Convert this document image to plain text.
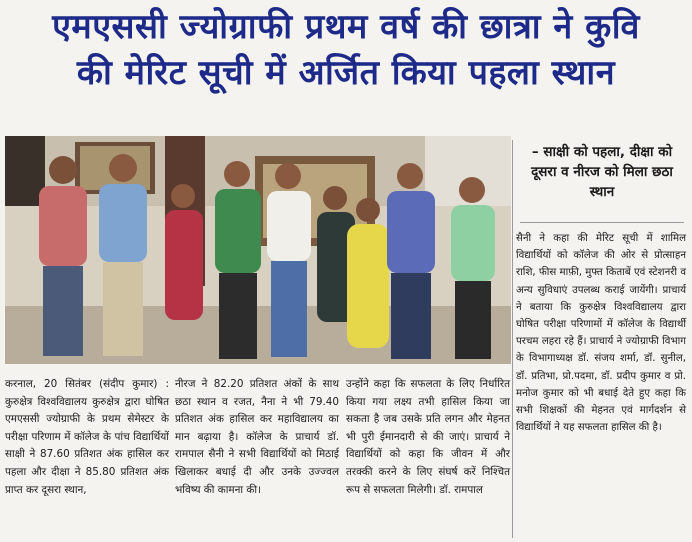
एमएससी ज्योग्राफी प्रथम वर्ष की छात्रा ने कुवि
की मेरिट सूची में अर्जित किया पहला स्थान
– साक्षी को पहला, दीक्षा को दूसरा व नीरज को मिला छठा स्थान

करनाल, 20 सितंबर (संदीप कुमार) : कुरुक्षेत्र विश्वविद्यालय कुरुक्षेत्र द्वारा घोषित एमएससी ज्योग्राफी के प्रथम सेमेस्टर के परीक्षा परिणाम में कॉलेज के पांच विद्यार्थियों साक्षी ने 87.60 प्रतिशत अंक हासिल कर पहला और दीक्षा ने 85.80 प्रतिशत अंक प्राप्त कर दूसरा स्थान,

नीरज ने 82.20 प्रतिशत अंकों के साथ छठा स्थान व रजत, नैना ने भी 79.40 प्रतिशत अंक हासिल कर महाविद्यालय का मान बढ़ाया है। कॉलेज के प्राचार्य डॉ. रामपाल सैनी ने सभी विद्यार्थियों को मिठाई खिलाकर बधाई दी और उनके उज्ज्वल भविष्य की कामना की।

उन्होंने कहा कि सफलता के लिए निर्धारित किया गया लक्ष्य तभी हासिल किया जा सकता है जब उसके प्रति लगन और मेहनत भी पुरी ईमानदारी से की जाएं। प्राचार्य ने विद्यार्थियों को कहा कि जीवन में और तरक्की करने के लिए संघर्ष करें निश्चित रूप से सफलता मिलेगी। डॉ. रामपाल

सैनी ने कहा की मेरिट सूची में शामिल विद्यार्थियों को कॉलेज की ओर से प्रोत्साहन राशि, फीस माफ़ी, मुफ्त किताबें एवं स्टेशनरी व अन्य सुविधाएं उपलब्ध कराई जायेंगी। प्राचार्य ने बताया कि कुरुक्षेत्र विश्वविद्यालय द्वारा घोषित परीक्षा परिणामों में कॉलेज के विद्यार्थी परचम लहरा रहे हैं। प्राचार्य ने ज्योग्राफी विभाग के विभागाध्यक्ष डॉ. संजय शर्मा, डॉ. सुनील, डॉ. प्रतिभा, प्रो.पदमा, डॉ. प्रदीप कुमार व प्रो. मनोज कुमार को भी बधाई देते हुए कहा कि सभी शिक्षकों की मेहनत एवं मार्गदर्शन से विद्यार्थियों ने यह सफलता हासिल की है।
